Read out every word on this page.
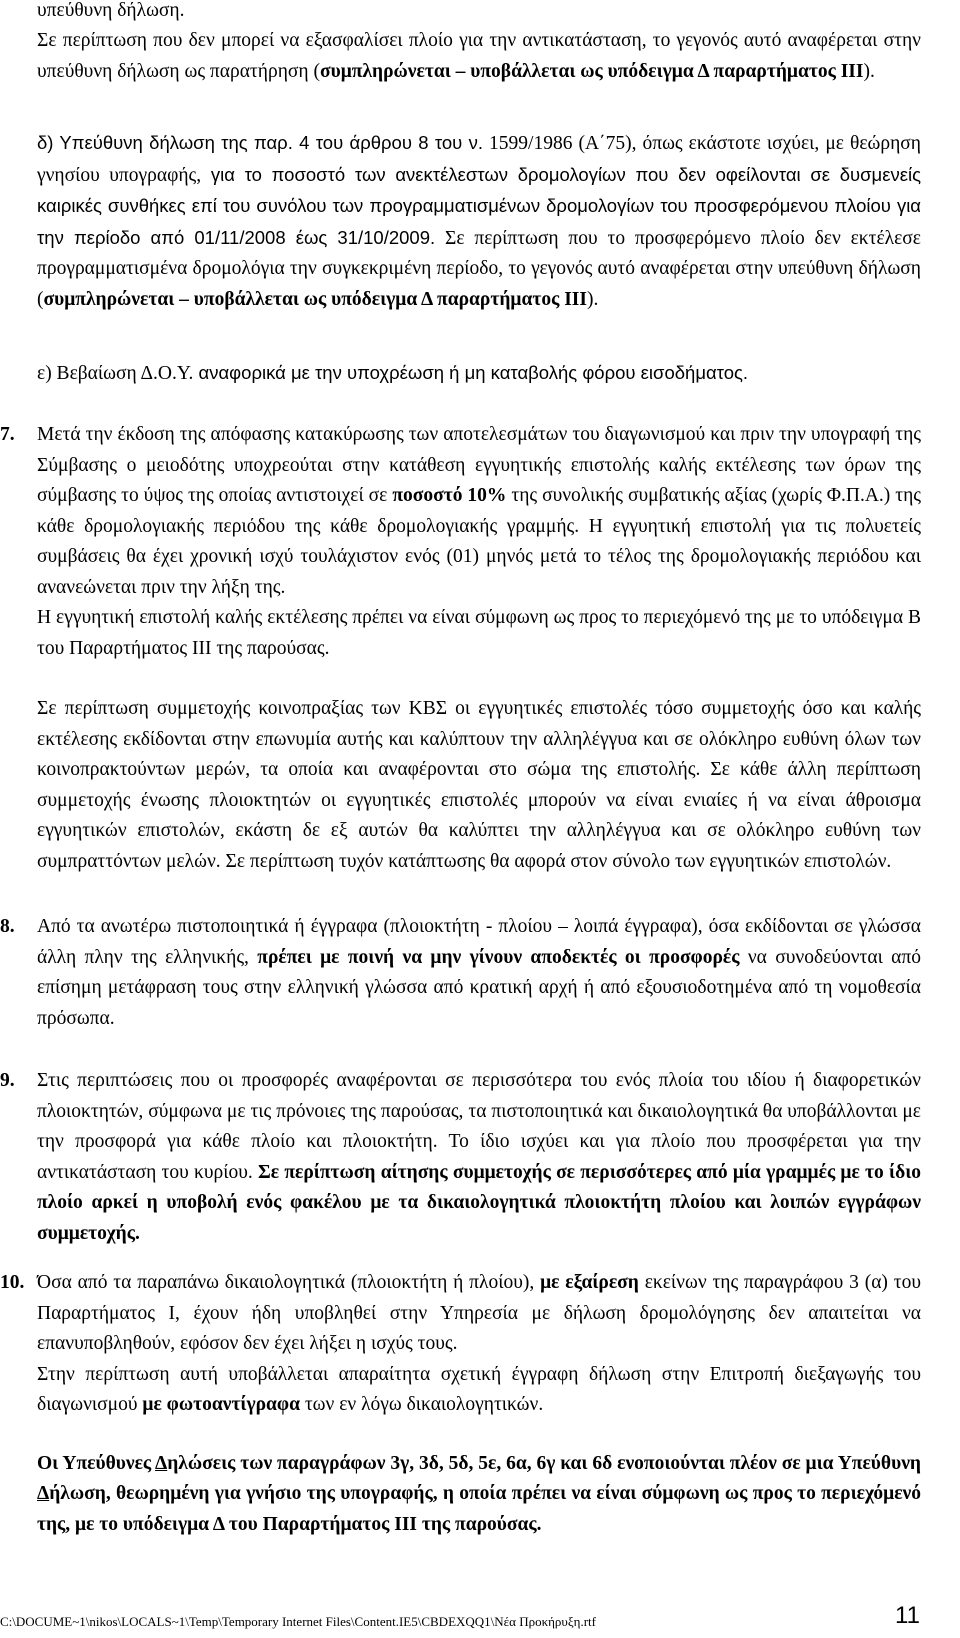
υπεύθυνη δήλωση.
Σε περίπτωση που δεν μπορεί να εξασφαλίσει πλοίο για την αντικατάσταση, το γεγονός αυτό αναφέρεται στην υπεύθυνη δήλωση ως παρατήρηση (συμπληρώνεται – υποβάλλεται ως υπόδειγμα Δ παραρτήματος ΙΙΙ).
δ) Υπεύθυνη δήλωση της παρ. 4 του άρθρου 8 του ν. 1599/1986 (Α΄75), όπως εκάστοτε ισχύει, με θεώρηση γνησίου υπογραφής, για το ποσοστό των ανεκτέλεστων δρομολογίων που δεν οφείλονται σε δυσμενείς καιρικές συνθήκες επί του συνόλου των προγραμματισμένων δρομολογίων του προσφερόμενου πλοίου για την περίοδο από 01/11/2008 έως 31/10/2009. Σε περίπτωση που το προσφερόμενο πλοίο δεν εκτέλεσε προγραμματισμένα δρομολόγια την συγκεκριμένη περίοδο, το γεγονός αυτό αναφέρεται στην υπεύθυνη δήλωση (συμπληρώνεται – υποβάλλεται ως υπόδειγμα Δ παραρτήματος ΙΙΙ).
ε) Βεβαίωση Δ.Ο.Υ. αναφορικά με την υποχρέωση ή μη καταβολής φόρου εισοδήματος.
7. Μετά την έκδοση της απόφασης κατακύρωσης των αποτελεσμάτων του διαγωνισμού και πριν την υπογραφή της Σύμβασης ο μειοδότης υποχρεούται στην κατάθεση εγγυητικής επιστολής καλής εκτέλεσης των όρων της σύμβασης το ύψος της οποίας αντιστοιχεί σε ποσοστό 10% της συνολικής συμβατικής αξίας (χωρίς Φ.Π.Α.) της κάθε δρομολογιακής περιόδου της κάθε δρομολογιακής γραμμής. Η εγγυητική επιστολή για τις πολυετείς συμβάσεις θα έχει χρονική ισχύ τουλάχιστον ενός (01) μηνός μετά το τέλος της δρομολογιακής περιόδου και ανανεώνεται πριν την λήξη της.
Η εγγυητική επιστολή καλής εκτέλεσης πρέπει να είναι σύμφωνη ως προς το περιεχόμενό της με το υπόδειγμα Β του Παραρτήματος ΙΙΙ της παρούσας.
Σε περίπτωση συμμετοχής κοινοπραξίας των ΚΒΣ οι εγγυητικές επιστολές τόσο συμμετοχής όσο και καλής εκτέλεσης εκδίδονται στην επωνυμία αυτής και καλύπτουν την αλληλέγγυα και σε ολόκληρο ευθύνη όλων των κοινοπρακτούντων μερών, τα οποία και αναφέρονται στο σώμα της επιστολής. Σε κάθε άλλη περίπτωση συμμετοχής ένωσης πλοιοκτητών οι εγγυητικές επιστολές μπορούν να είναι ενιαίες ή να είναι άθροισμα εγγυητικών επιστολών, εκάστη δε εξ αυτών θα καλύπτει την αλληλέγγυα και σε ολόκληρο ευθύνη των συμπραττόντων μελών. Σε περίπτωση τυχόν κατάπτωσης θα αφορά στον σύνολο των εγγυητικών επιστολών.
8. Από τα ανωτέρω πιστοποιητικά ή έγγραφα (πλοιοκτήτη - πλοίου – λοιπά έγγραφα), όσα εκδίδονται σε γλώσσα άλλη πλην της ελληνικής, πρέπει με ποινή να μην γίνουν αποδεκτές οι προσφορές να συνοδεύονται από επίσημη μετάφραση τους στην ελληνική γλώσσα από κρατική αρχή ή από εξουσιοδοτημένα από τη νομοθεσία πρόσωπα.
9. Στις περιπτώσεις που οι προσφορές αναφέρονται σε περισσότερα του ενός πλοία του ιδίου ή διαφορετικών πλοιοκτητών, σύμφωνα με τις πρόνοιες της παρούσας, τα πιστοποιητικά και δικαιολογητικά θα υποβάλλονται με την προσφορά για κάθε πλοίο και πλοιοκτήτη. Το ίδιο ισχύει και για πλοίο που προσφέρεται για την αντικατάσταση του κυρίου. Σε περίπτωση αίτησης συμμετοχής σε περισσότερες από μία γραμμές με το ίδιο πλοίο αρκεί η υποβολή ενός φακέλου με τα δικαιολογητικά πλοιοκτήτη πλοίου και λοιπών εγγράφων συμμετοχής.
10. Όσα από τα παραπάνω δικαιολογητικά (πλοιοκτήτη ή πλοίου), με εξαίρεση εκείνων της παραγράφου 3 (α) του Παραρτήματος Ι, έχουν ήδη υποβληθεί στην Υπηρεσία με δήλωση δρομολόγησης δεν απαιτείται να επανυποβληθούν, εφόσον δεν έχει λήξει η ισχύς τους.
Στην περίπτωση αυτή υποβάλλεται απαραίτητα σχετική έγγραφη δήλωση στην Επιτροπή διεξαγωγής του διαγωνισμού με φωτοαντίγραφα των εν λόγω δικαιολογητικών.
Οι Υπεύθυνες Δηλώσεις των παραγράφων 3γ, 3δ, 5δ, 5ε, 6α, 6γ και 6δ ενοποιούνται πλέον σε μια Υπεύθυνη Δήλωση, θεωρημένη για γνήσιο της υπογραφής, η οποία πρέπει να είναι σύμφωνη ως προς το περιεχόμενό της, με το υπόδειγμα Δ του Παραρτήματος ΙΙΙ της παρούσας.
C:\DOCUME~1\nikos\LOCALS~1\Temp\Temporary Internet Files\Content.IE5\CBDEXQQ1\Νέα Προκήρυξη.rtf	11
